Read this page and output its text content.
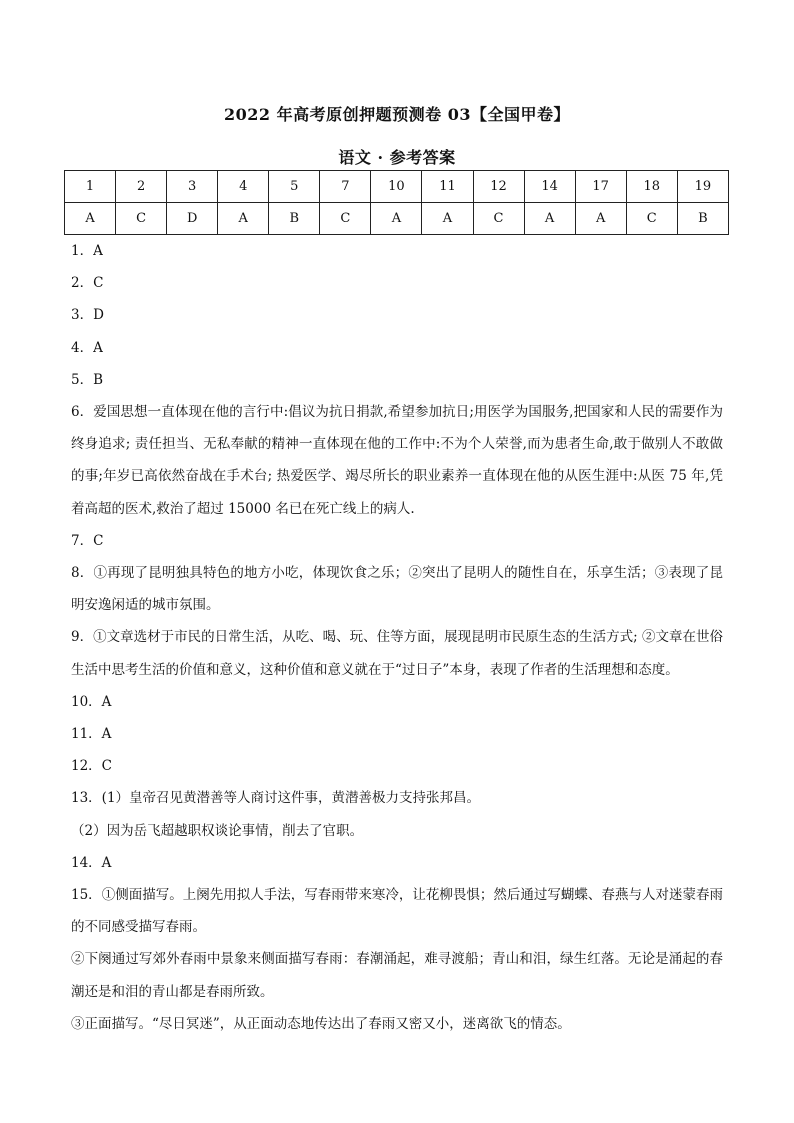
2022 年高考原创押题预测卷 03【全国甲卷】
语文 · 参考答案
1	2	3	4	5	7	10	11	12	14	17	18	19
A	C	D	A	B	C	A	A	C	A	A	C	B
1．A
2．C
3．D
4．A
5．B
6．爱国思想一直体现在他的言行中:倡议为抗日捐款,希望参加抗日;用医学为国服务,把国家和人民的需要作为终身追求; 责任担当、无私奉献的精神一直体现在他的工作中:不为个人荣誉,而为患者生命,敢于做别人不敢做的事;年岁已高依然奋战在手术台; 热爱医学、竭尽所长的职业素养一直体现在他的从医生涯中:从医 75 年,凭着高超的医术,救治了超过 15000 名已在死亡线上的病人.
7．C
8．①再现了昆明独具特色的地方小吃，体现饮食之乐；②突出了昆明人的随性自在，乐享生活；③表现了昆明安逸闲适的城市氛围。
9．①文章选材于市民的日常生活，从吃、喝、玩、住等方面，展现昆明市民原生态的生活方式; ②文章在世俗生活中思考生活的价值和意义，这种价值和意义就在于“过日子”本身，表现了作者的生活理想和态度。
10．A
11．A
12．C
13．(1）皇帝召见黄潜善等人商讨这件事，黄潜善极力支持张邦昌。
（2）因为岳飞超越职权谈论事情，削去了官职。
14．A
15．①侧面描写。上阕先用拟人手法，写春雨带来寒冷，让花柳畏惧；然后通过写蝴蝶、春燕与人对迷蒙春雨的不同感受描写春雨。
②下阕通过写郊外春雨中景象来侧面描写春雨：春潮涌起，难寻渡船；青山和泪，绿生红落。无论是涌起的春潮还是和泪的青山都是春雨所致。
③正面描写。“尽日冥迷”，从正面动态地传达出了春雨又密又小，迷离欲飞的情态。
